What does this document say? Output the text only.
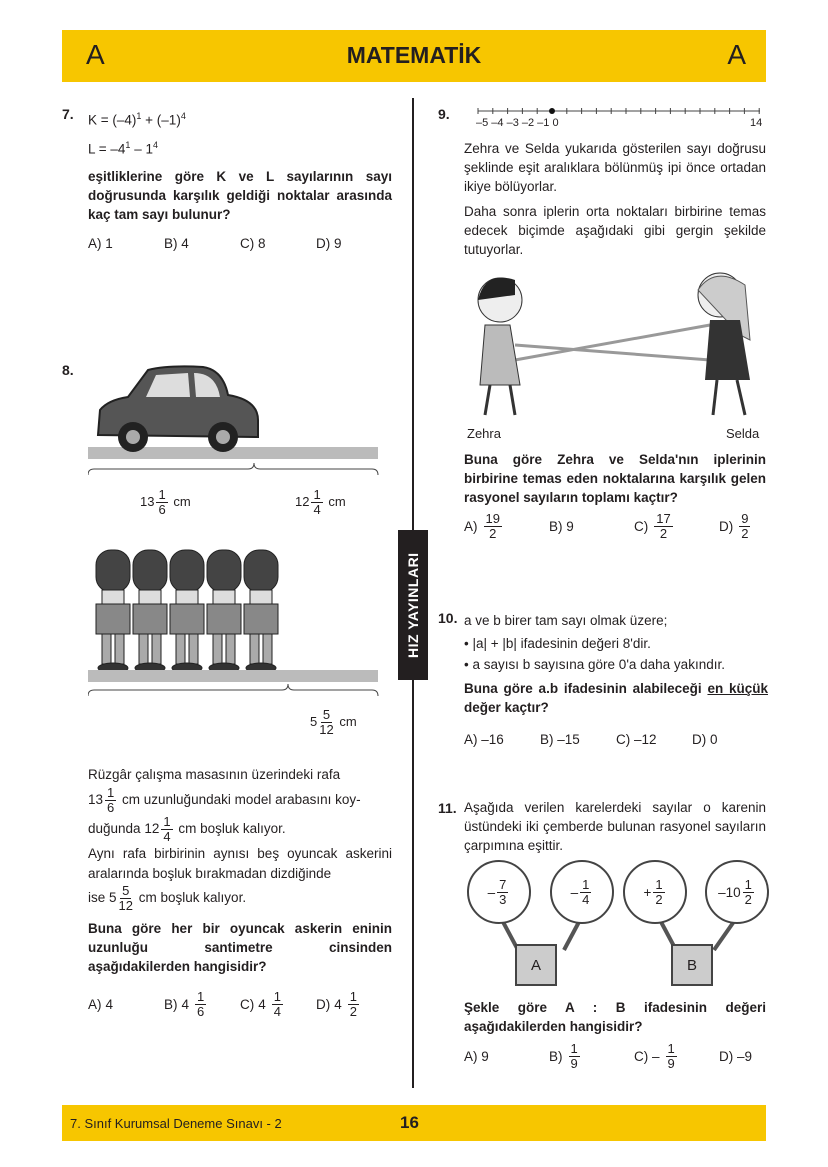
A	MATEMATİK	A
HIZ YAYINLARI
7. $K = (-4)^1 + (-1)^4$
$L = -4^1 - 1^4$
eşitliklerine göre K ve L sayılarının sayı doğrusunda karşılık geldiği noktalar arasında kaç tam sayı bulunur?
A) 1	B) 4	C) 8	D) 9
8.
$13 \frac{1}{6}$ cm	$12 \frac{1}{4}$ cm
$5 \frac{5}{12}$ cm
Rüzgâr çalışma masasının üzerindeki rafa
$13 \frac{1}{6}$ cm uzunluğundaki model arabasını koy-
duğunda $12 \frac{1}{4}$ cm boşluk kalıyor.
Aynı rafa birbirinin aynısı beş oyuncak askerini aralarında boşluk bırakmadan dizdiğinde
ise $5 \frac{5}{12}$ cm boşluk kalıyor.
Buna göre her bir oyuncak askerin eninin uzunluğu santimetre cinsinden aşağıdakilerden hangisidir?
A) 4	B) $4 \frac{1}{6}$	C) $4 \frac{1}{4} D$) $4 \frac{1}{2}$
9.
–5 –4 –3 –2 –1 0	14
Zehra ve Selda yukarıda gösterilen sayı doğrusu şeklinde eşit aralıklara bölünmüş ipi önce ortadan ikiye bölüyorlar.
Daha sonra iplerin orta noktaları birbirine temas edecek biçimde aşağıdaki gibi gergin şekilde tutuyorlar.
Zehra	Selda
Buna göre Zehra ve Selda'nın iplerinin birbirine temas eden noktalarına karşılık gelen rasyonel sayıların toplamı kaçtır?
$A) \frac{19}{2}$	B) 9	$C) \frac{17}{2}$	$D) \frac{9}{2}$
10. a ve b birer tam sayı olmak üzere;
• |a| + |b| ifadesinin değeri 8'dir.
• a sayısı b sayısına göre 0'a daha yakındır.
Buna göre a.b ifadesinin alabileceği en küçük değer kaçtır?
A) –16	B) –15	C) –12	D) 0
11. Aşağıda verilen karelerdeki sayılar o karenin üstündeki iki çemberde bulunan rasyonel sayıların çarpımına eşittir.
– $\frac{7}{3}$	– $\frac{1}{4}$	+ $\frac{1}{2}$	$-10 \frac{1}{2}$
A	B
Şekle göre A : B ifadesinin değeri aşağıdakilerden hangisidir?
A) 9	$B) \frac{1}{9}$	$C) - \frac{1}{9}$	D) –9
7. Sınıf Kurumsal Deneme Sınavı - 2	16
